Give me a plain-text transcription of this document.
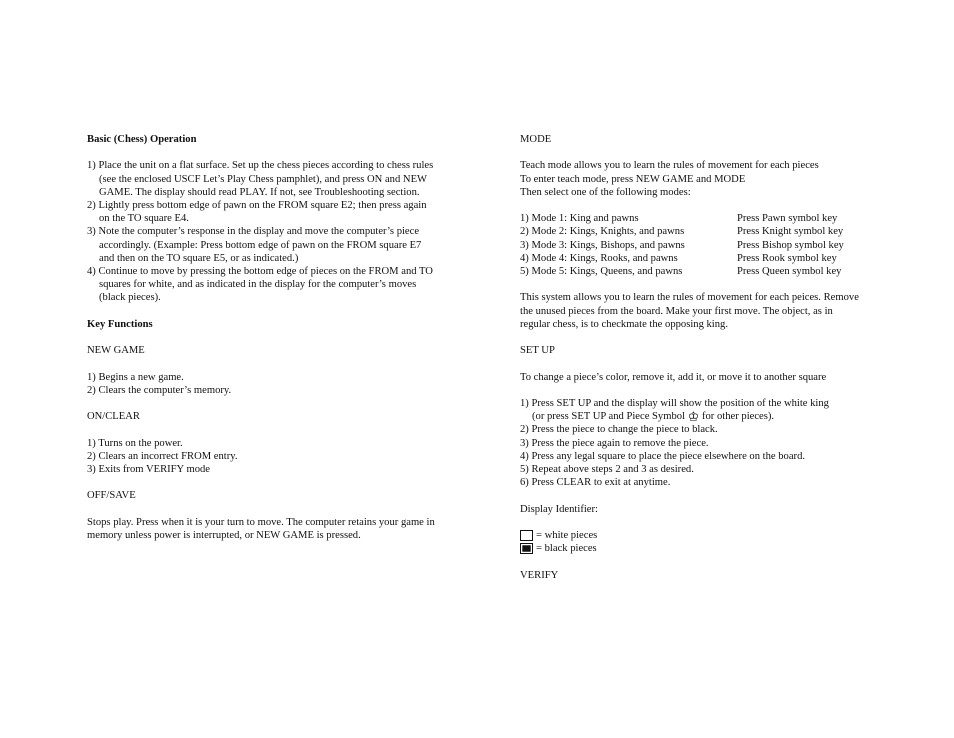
Basic (Chess) Operation

1) Place the unit on a flat surface. Set up the chess pieces according to chess rules (see the enclosed USCF Let’s Play Chess pamphlet), and press ON and NEW GAME. The display should read PLAY. If not, see Troubleshooting section.
2) Lightly press bottom edge of pawn on the FROM square E2; then press again on the TO square E4.
3) Note the computer’s response in the display and move the computer’s piece accordingly. (Example: Press bottom edge of pawn on the FROM square E7 and then on the TO square E5, or as indicated.)
4) Continue to move by pressing the bottom edge of pieces on the FROM and TO squares for white, and as indicated in the display for the computer’s moves (black pieces).

Key Functions

NEW GAME

1) Begins a new game.

2) Clears the computer’s memory.

ON/CLEAR

1) Turns on the power.

2) Clears an incorrect FROM entry.

3) Exits from VERIFY mode

OFF/SAVE

Stops play. Press when it is your turn to move. The computer retains your game in memory unless power is interrupted, or NEW GAME is pressed.

MODE

Teach mode allows you to learn the rules of movement for each pieces

To enter teach mode, press NEW GAME and MODE

Then select one of the following modes:

1) Mode 1: King and pawns	Press Pawn symbol key
2) Mode 2: Kings, Knights, and pawns	Press Knight symbol key
3) Mode 3: Kings, Bishops, and pawns	Press Bishop symbol key
4) Mode 4: Kings, Rooks, and pawns	Press Rook symbol key
5) Mode 5: Kings, Queens, and pawns	Press Queen symbol key

This system allows you to learn the rules of movement for each peices. Remove the unused pieces from the board. Make your first move. The object, as in regular chess, is to checkmate the opposing king.

SET UP

To change a piece’s color, remove it, add it, or move it to another square

1) Press SET UP and the display will show the position of the white king

(or press SET UP and Piece Symbol ♔ for other pieces).

2) Press the piece to change the piece to black.

3) Press the piece again to remove the piece.

4) Press any legal square to place the piece elsewhere on the board.

5) Repeat above steps 2 and 3 as desired.

6) Press CLEAR to exit at anytime.

Display Identifier:

= white pieces
= black pieces

VERIFY
